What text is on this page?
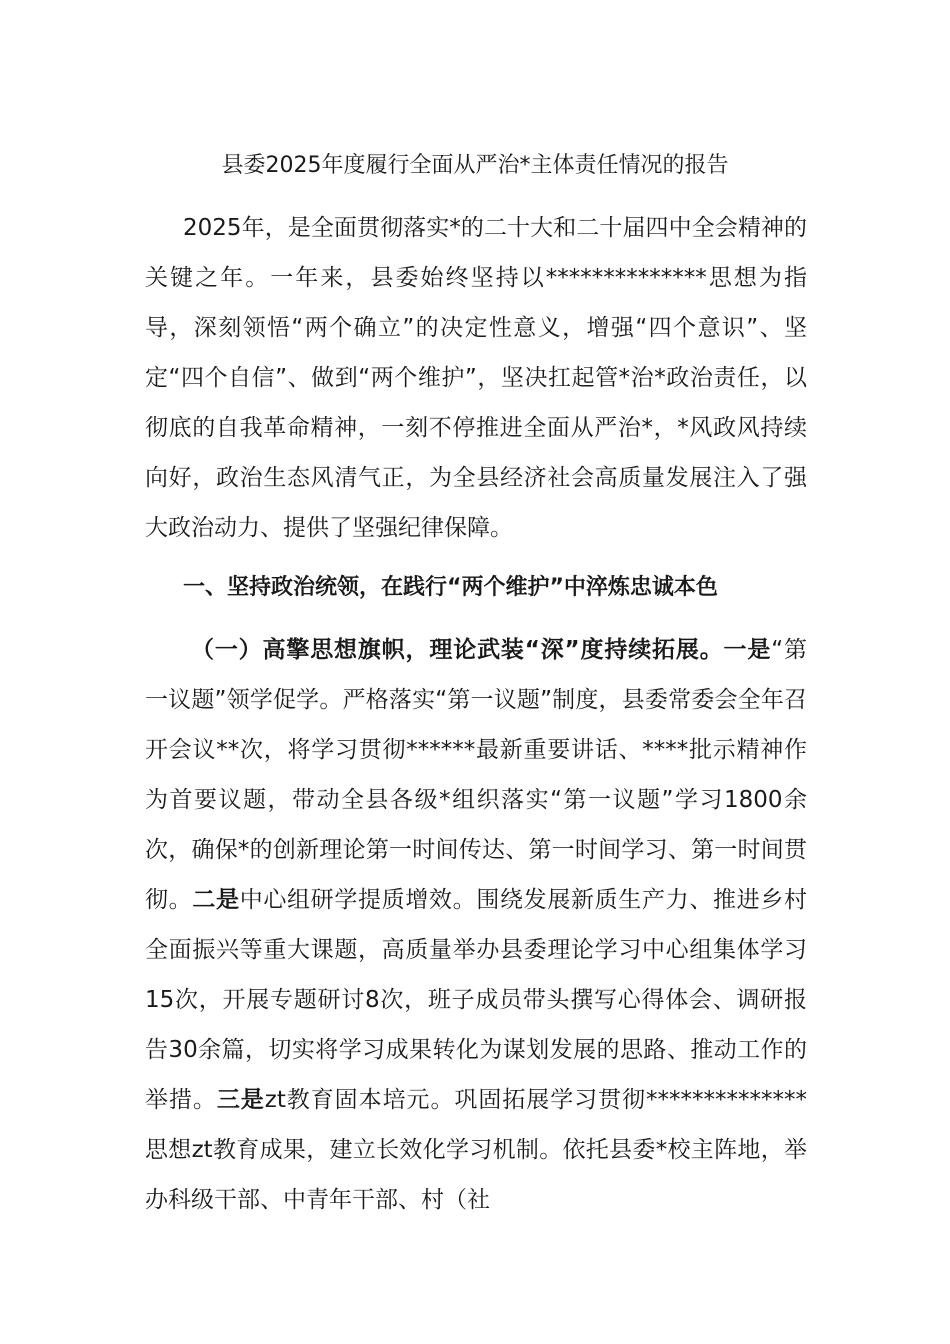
县委2025年度履行全面从严治*主体责任情况的报告

2025年，是全面贯彻落实*的二十大和二十届四中全会精神的关键之年。一年来，县委始终坚持以**************思想为指导，深刻领悟“两个确立”的决定性意义，增强“四个意识”、坚定“四个自信”、做到“两个维护”，坚决扛起管*治*政治责任，以彻底的自我革命精神，一刻不停推进全面从严治*，*风政风持续向好，政治生态风清气正，为全县经济社会高质量发展注入了强大政治动力、提供了坚强纪律保障。

一、坚持政治统领，在践行“两个维护”中淬炼忠诚本色

（一）高擎思想旗帜，理论武装“深”度持续拓展。一是“第一议题”领学促学。严格落实“第一议题”制度，县委常委会全年召开会议**次，将学习贯彻******最新重要讲话、****批示精神作为首要议题，带动全县各级*组织落实“第一议题”学习1800余次，确保*的创新理论第一时间传达、第一时间学习、第一时间贯彻。二是中心组研学提质增效。围绕发展新质生产力、推进乡村全面振兴等重大课题，高质量举办县委理论学习中心组集体学习15次，开展专题研讨8次，班子成员带头撰写心得体会、调研报告30余篇，切实将学习成果转化为谋划发展的思路、推动工作的举措。三是zt教育固本培元。巩固拓展学习贯彻**************思想zt教育成果，建立长效化学习机制。依托县委*校主阵地，举办科级干部、中青年干部、村（社
